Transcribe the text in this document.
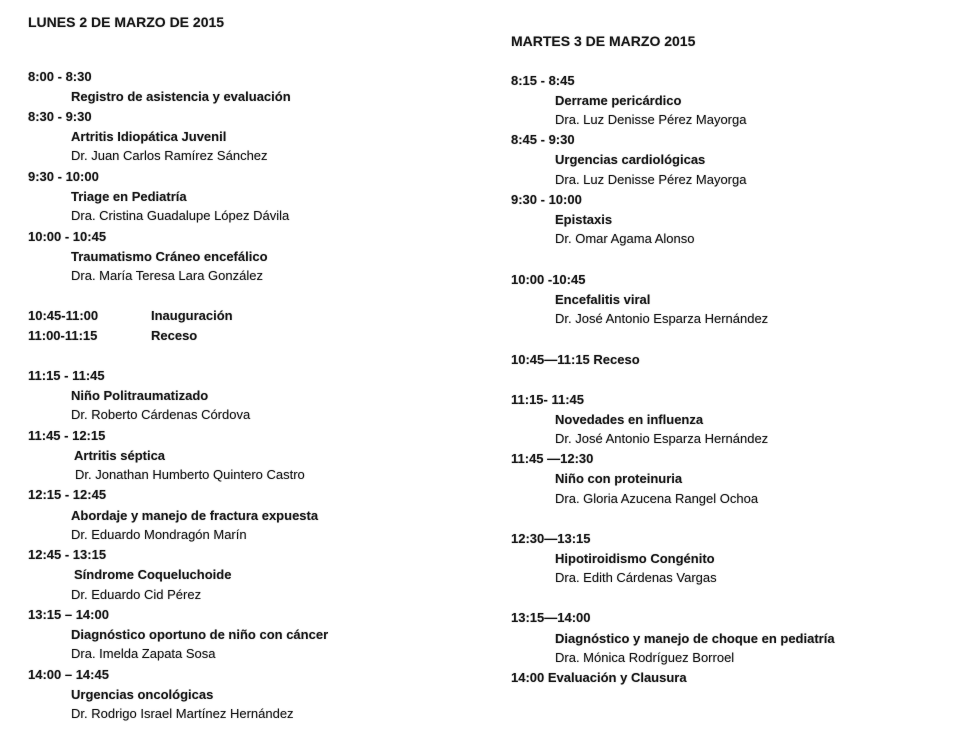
LUNES 2 DE MARZO DE 2015
8:00 - 8:30
Registro de asistencia y evaluación
8:30 - 9:30
Artritis Idiopática Juvenil
Dr. Juan Carlos Ramírez Sánchez
9:30 - 10:00
Triage en Pediatría
Dra. Cristina Guadalupe López Dávila
10:00 - 10:45
Traumatismo Cráneo encefálico
Dra. María Teresa Lara González
10:45-11:00	Inauguración
11:00-11:15	Receso
11:15 - 11:45
Niño Politraumatizado
Dr. Roberto Cárdenas Córdova
11:45 - 12:15
Artritis séptica
Dr. Jonathan Humberto Quintero Castro
12:15 - 12:45
Abordaje y manejo de fractura expuesta
Dr. Eduardo Mondragón Marín
12:45 - 13:15
Síndrome Coqueluchoide
Dr. Eduardo Cid Pérez
13:15 – 14:00
Diagnóstico oportuno de niño con cáncer
Dra. Imelda Zapata Sosa
14:00 – 14:45
Urgencias oncológicas
Dr. Rodrigo Israel Martínez Hernández
MARTES 3 DE MARZO 2015
8:15 - 8:45
Derrame pericárdico
Dra. Luz Denisse Pérez Mayorga
8:45 - 9:30
Urgencias cardiológicas
Dra. Luz Denisse Pérez Mayorga
9:30 - 10:00
Epistaxis
Dr. Omar Agama Alonso
10:00 -10:45
Encefalitis viral
Dr. José Antonio Esparza Hernández
10:45—11:15 Receso
11:15- 11:45
Novedades en influenza
Dr. José Antonio Esparza Hernández
11:45 —12:30
Niño con proteinuria
Dra. Gloria Azucena Rangel Ochoa
12:30—13:15
Hipotiroidismo Congénito
Dra. Edith Cárdenas Vargas
13:15—14:00
Diagnóstico y manejo de choque en pediatría
Dra. Mónica Rodríguez Borroel
14:00 Evaluación y Clausura
